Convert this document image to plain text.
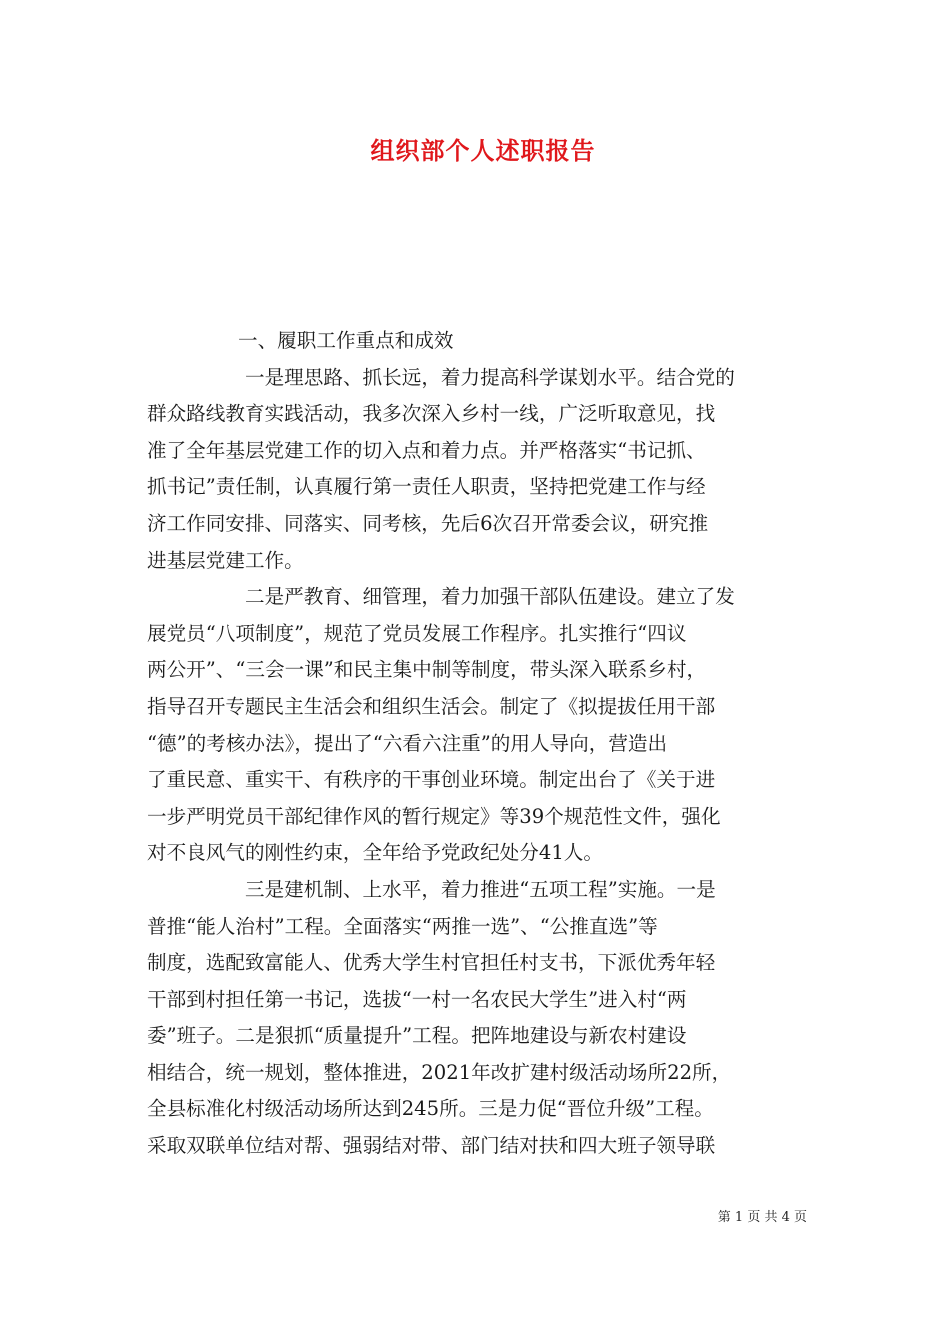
组织部个人述职报告
一、履职工作重点和成效
一是理思路、抓长远，着力提高科学谋划水平。结合党的
群众路线教育实践活动，我多次深入乡村一线，广泛听取意见，找
准了全年基层党建工作的切入点和着力点。并严格落实“书记抓、
抓书记”责任制，认真履行第一责任人职责，坚持把党建工作与经
济工作同安排、同落实、同考核，先后6次召开常委会议，研究推
进基层党建工作。
二是严教育、细管理，着力加强干部队伍建设。建立了发
展党员“八项制度”，规范了党员发展工作程序。扎实推行“四议
两公开”、“三会一课”和民主集中制等制度，带头深入联系乡村，
指导召开专题民主生活会和组织生活会。制定了《拟提拔任用干部
“德”的考核办法》，提出了“六看六注重”的用人导向，营造出
了重民意、重实干、有秩序的干事创业环境。制定出台了《关于进
一步严明党员干部纪律作风的暂行规定》等39个规范性文件，强化
对不良风气的刚性约束，全年给予党政纪处分41人。
三是建机制、上水平，着力推进“五项工程”实施。一是
普推“能人治村”工程。全面落实“两推一选”、“公推直选”等
制度，选配致富能人、优秀大学生村官担任村支书，下派优秀年轻
干部到村担任第一书记，选拔“一村一名农民大学生”进入村“两
委”班子。二是狠抓“质量提升”工程。把阵地建设与新农村建设
相结合，统一规划，整体推进，2021年改扩建村级活动场所22所，
全县标准化村级活动场所达到245所。三是力促“晋位升级”工程。
采取双联单位结对帮、强弱结对带、部门结对扶和四大班子领导联
第 1 页 共 4 页
